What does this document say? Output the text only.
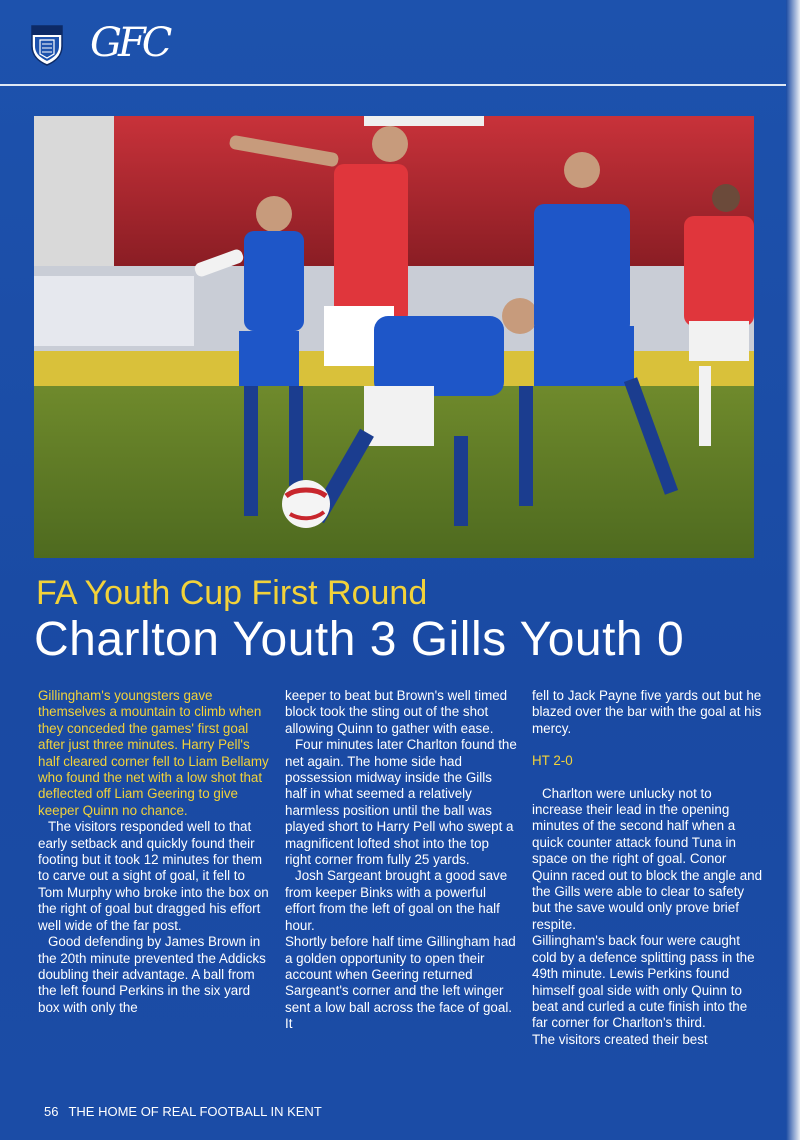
GFC
FA Youth Cup First Round
Charlton Youth 3 Gills Youth 0

Gillingham's youngsters gave themselves a mountain to climb when they conceded the games' first goal after just three minutes. Harry Pell's half cleared corner fell to Liam Bellamy who found the net with a low shot that deflected off Liam Geering to give keeper Quinn no chance.

The visitors responded well to that early setback and quickly found their footing but it took 12 minutes for them to carve out a sight of goal, it fell to Tom Murphy who broke into the box on the right of goal but dragged his effort well wide of the far post.

Good defending by James Brown in the 20th minute prevented the Addicks doubling their advantage. A ball from the left found Perkins in the six yard box with only the

keeper to beat but Brown's well timed block took the sting out of the shot allowing Quinn to gather with ease.

Four minutes later Charlton found the net again. The home side had possession midway inside the Gills half in what seemed a relatively harmless position until the ball was played short to Harry Pell who swept a magnificent lofted shot into the top right corner from fully 25 yards.

Josh Sargeant brought a good save from keeper Binks with a powerful effort from the left of goal on the half hour.

Shortly before half time Gillingham had a golden opportunity to open their account when Geering returned Sargeant's corner and the left winger sent a low ball across the face of goal. It

fell to Jack Payne five yards out but he blazed over the bar with the goal at his mercy.

HT 2-0

Charlton were unlucky not to increase their lead in the opening minutes of the second half when a quick counter attack found Tuna in space on the right of goal. Conor Quinn raced out to block the angle and the Gills were able to clear to safety but the save would only prove brief respite.

Gillingham's back four were caught cold by a defence splitting pass in the 49th minute. Lewis Perkins found himself goal side with only Quinn to beat and curled a cute finish into the far corner for Charlton's third.

The visitors created their best

56 THE HOME OF REAL FOOTBALL IN KENT
